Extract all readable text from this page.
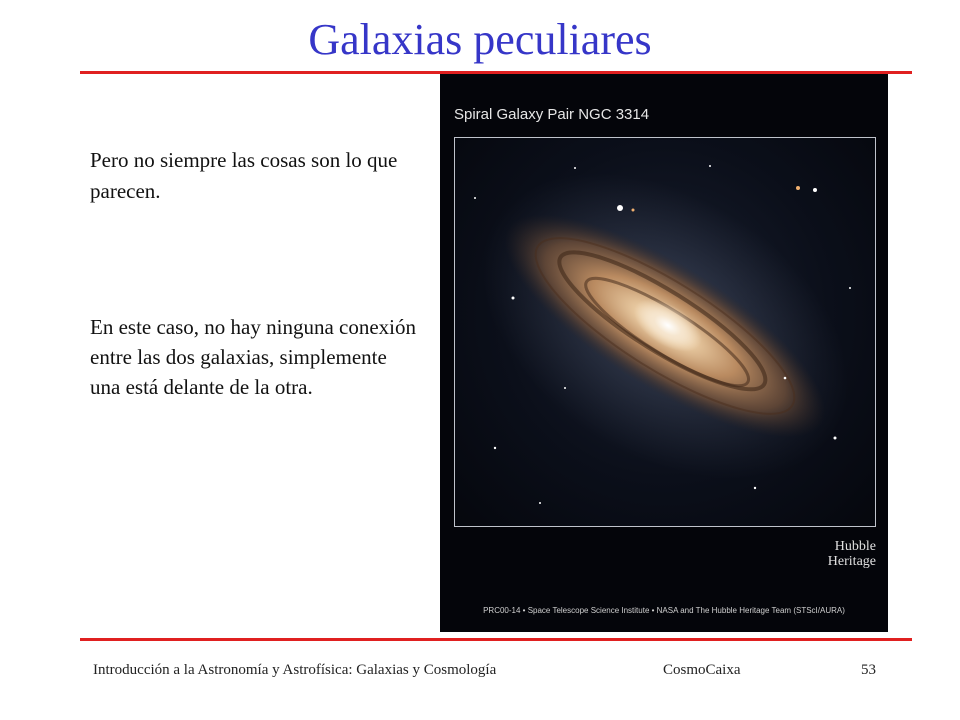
Galaxias peculiares

Pero no siempre las cosas son lo que parecen.

En este caso, no hay ninguna conexión entre las dos galaxias, simplemente una está delante de la otra.

Spiral Galaxy Pair NGC 3314
Hubble
Heritage
PRC00-14 • Space Telescope Science Institute • NASA and The Hubble Heritage Team (STScI/AURA)
Introducción a la Astronomía y Astrofísica: Galaxias y Cosmología	CosmoCaixa	53
